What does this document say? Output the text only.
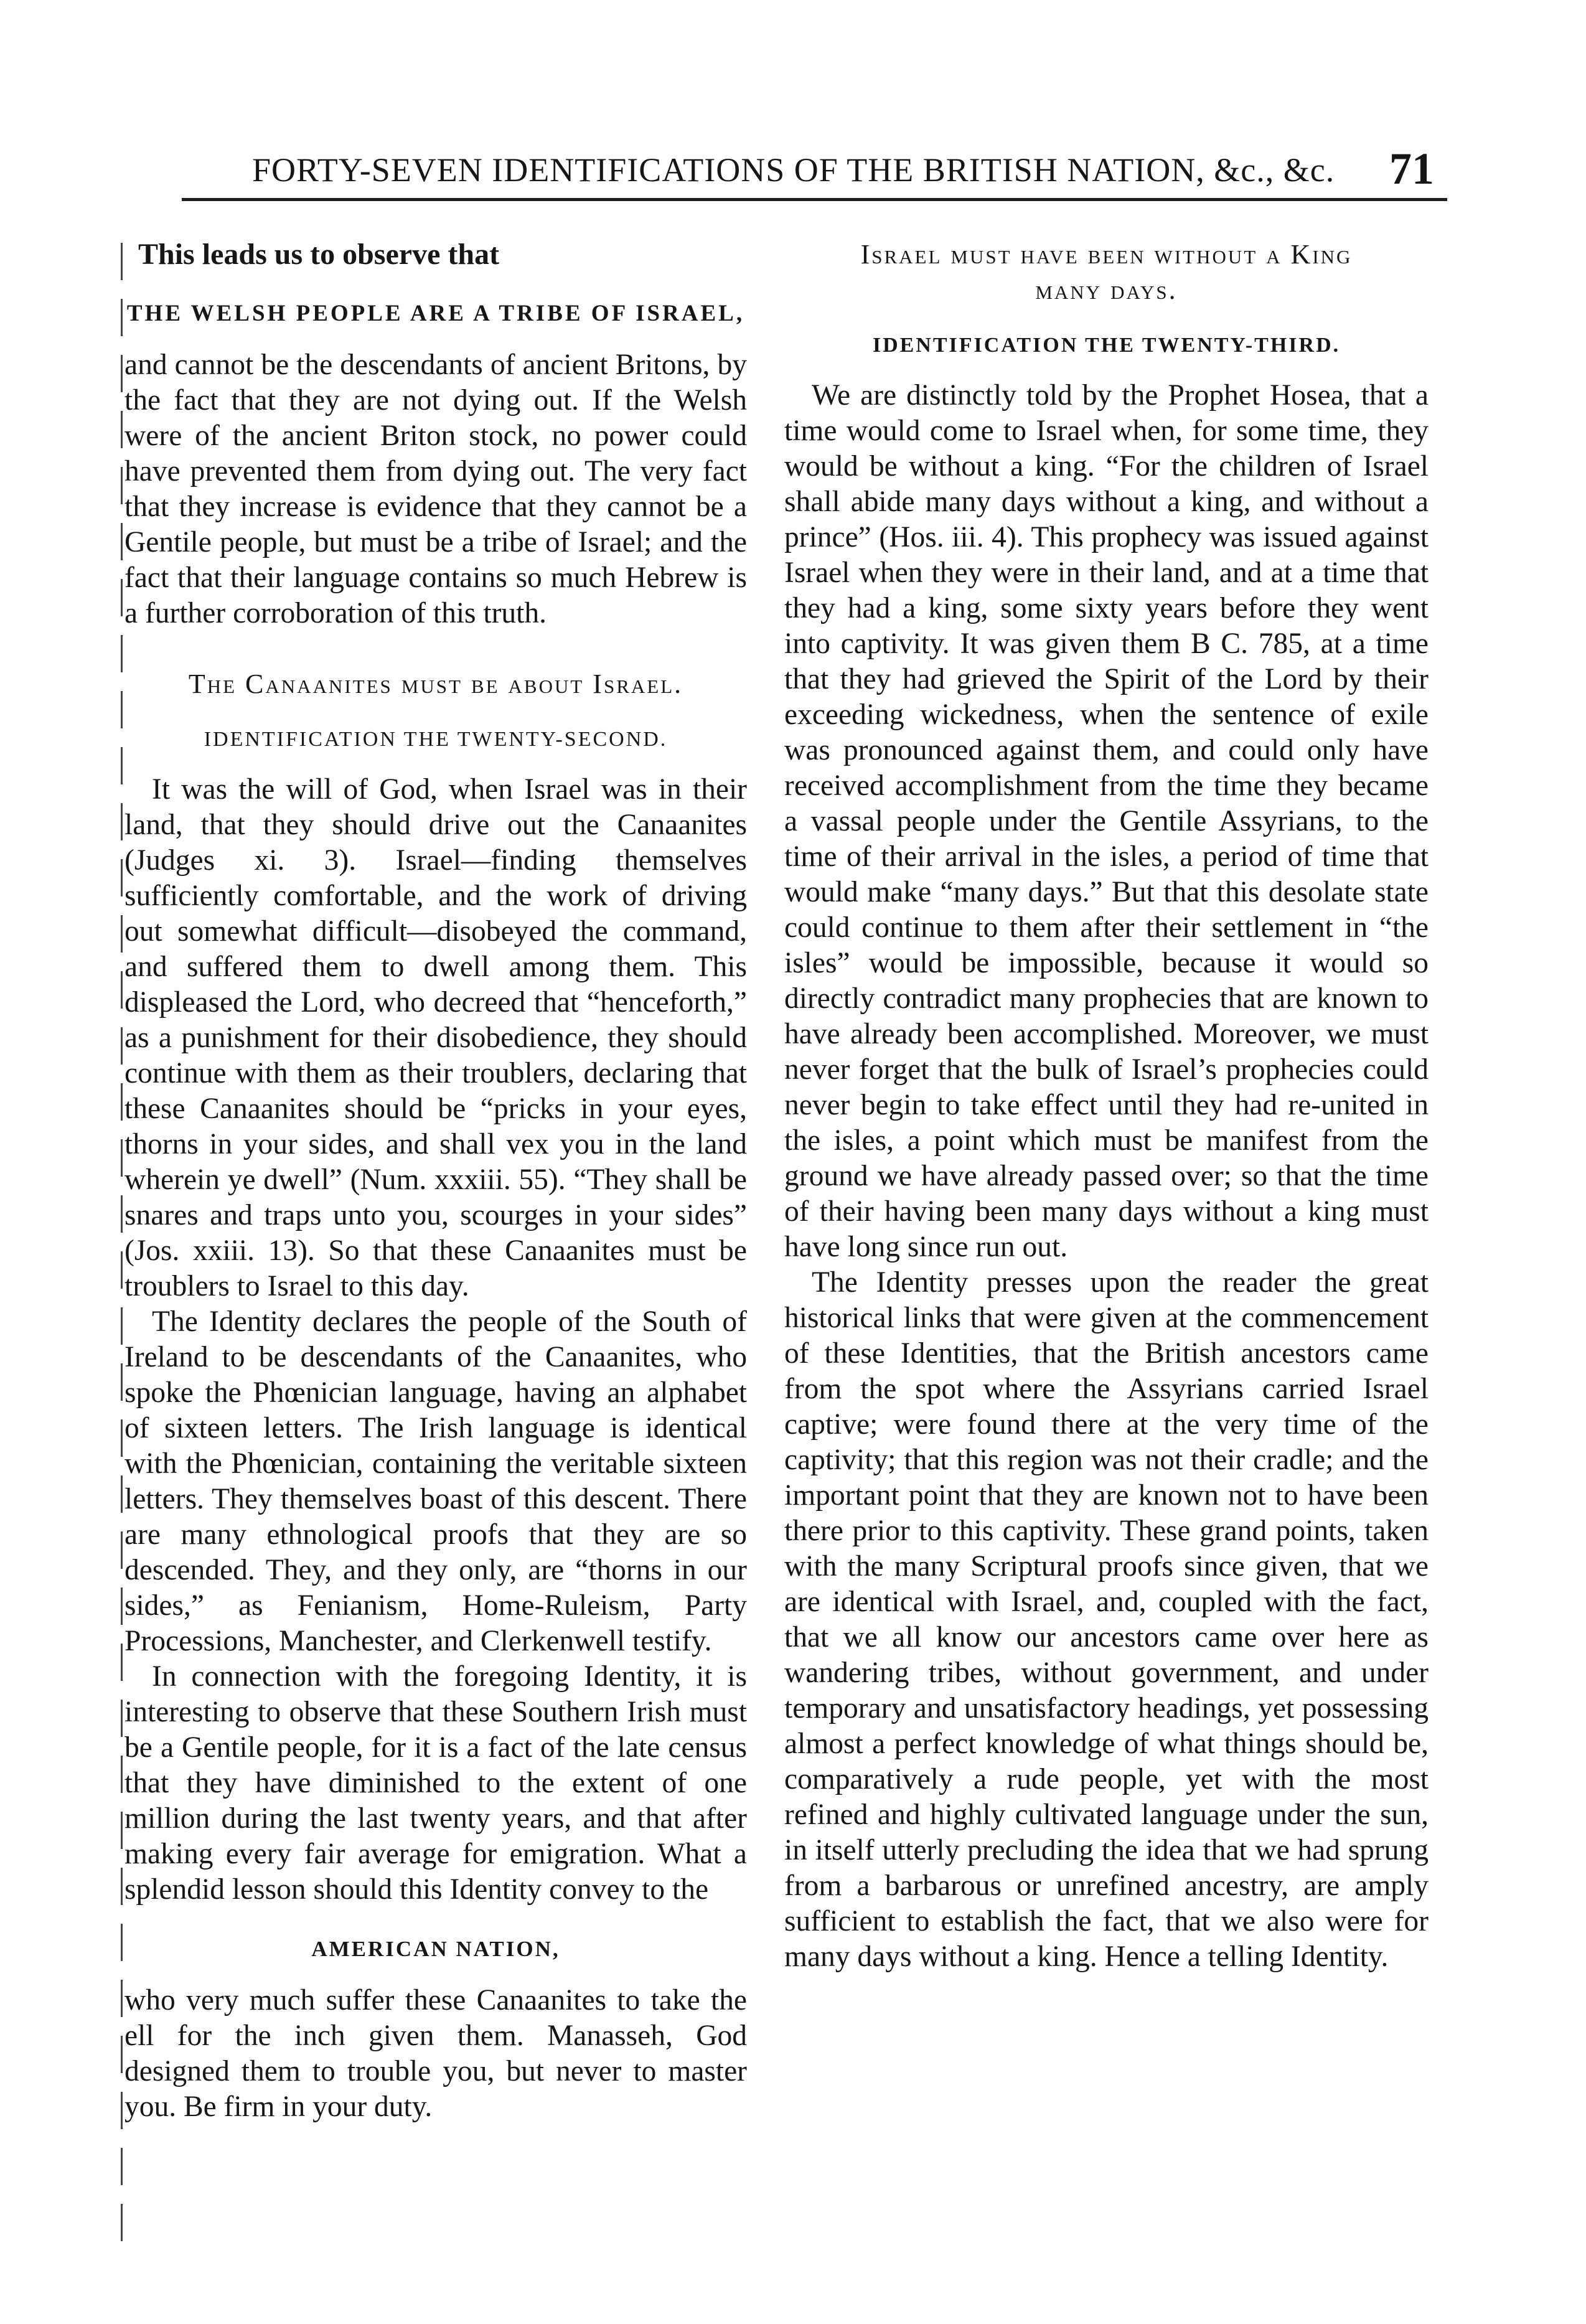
FORTY-SEVEN IDENTIFICATIONS OF THE BRITISH NATION, &c., &c. 71
This leads us to observe that
THE WELSH PEOPLE ARE A TRIBE OF ISRAEL,

and cannot be the descendants of ancient Britons, by the fact that they are not dying out. If the Welsh were of the ancient Briton stock, no power could have prevented them from dying out. The very fact that they increase is evidence that they cannot be a Gentile people, but must be a tribe of Israel; and the fact that their language contains so much Hebrew is a further corroboration of this truth.

The Canaanites must be about Israel.
IDENTIFICATION THE TWENTY-SECOND.

It was the will of God, when Israel was in their land, that they should drive out the Canaanites (Judges xi. 3). Israel—finding themselves sufficiently comfortable, and the work of driving out somewhat difficult—disobeyed the command, and suffered them to dwell among them. This displeased the Lord, who decreed that “henceforth,” as a punishment for their disobedience, they should continue with them as their troublers, declaring that these Canaanites should be “pricks in your eyes, thorns in your sides, and shall vex you in the land wherein ye dwell” (Num. xxxiii. 55). “They shall be snares and traps unto you, scourges in your sides” (Jos. xxiii. 13). So that these Canaanites must be troublers to Israel to this day.

The Identity declares the people of the South of Ireland to be descendants of the Canaanites, who spoke the Phœnician language, having an alphabet of sixteen letters. The Irish language is identical with the Phœnician, containing the veritable sixteen letters. They themselves boast of this descent. There are many ethnological proofs that they are so descended. They, and they only, are “thorns in our sides,” as Fenianism, Home-Ruleism, Party Processions, Manchester, and Clerkenwell testify.

In connection with the foregoing Identity, it is interesting to observe that these Southern Irish must be a Gentile people, for it is a fact of the late census that they have diminished to the extent of one million during the last twenty years, and that after making every fair average for emigration. What a splendid lesson should this Identity convey to the

AMERICAN NATION,

who very much suffer these Canaanites to take the ell for the inch given them. Manasseh, God designed them to trouble you, but never to master you. Be firm in your duty.

Israel must have been without a King
many days.
IDENTIFICATION THE TWENTY-THIRD.

We are distinctly told by the Prophet Hosea, that a time would come to Israel when, for some time, they would be without a king. “For the children of Israel shall abide many days without a king, and without a prince” (Hos. iii. 4). This prophecy was issued against Israel when they were in their land, and at a time that they had a king, some sixty years before they went into captivity. It was given them B C. 785, at a time that they had grieved the Spirit of the Lord by their exceeding wickedness, when the sentence of exile was pronounced against them, and could only have received accomplishment from the time they became a vassal people under the Gentile Assyrians, to the time of their arrival in the isles, a period of time that would make “many days.” But that this desolate state could continue to them after their settlement in “the isles” would be impossible, because it would so directly contradict many prophecies that are known to have already been accomplished. Moreover, we must never forget that the bulk of Israel’s prophecies could never begin to take effect until they had re-united in the isles, a point which must be manifest from the ground we have already passed over; so that the time of their having been many days without a king must have long since run out.

The Identity presses upon the reader the great historical links that were given at the commencement of these Identities, that the British ancestors came from the spot where the Assyrians carried Israel captive; were found there at the very time of the captivity; that this region was not their cradle; and the important point that they are known not to have been there prior to this captivity. These grand points, taken with the many Scriptural proofs since given, that we are identical with Israel, and, coupled with the fact, that we all know our ancestors came over here as wandering tribes, without government, and under temporary and unsatisfactory headings, yet possessing almost a perfect knowledge of what things should be, comparatively a rude people, yet with the most refined and highly cultivated language under the sun, in itself utterly precluding the idea that we had sprung from a barbarous or unrefined ancestry, are amply sufficient to establish the fact, that we also were for many days without a king. Hence a telling Identity.
